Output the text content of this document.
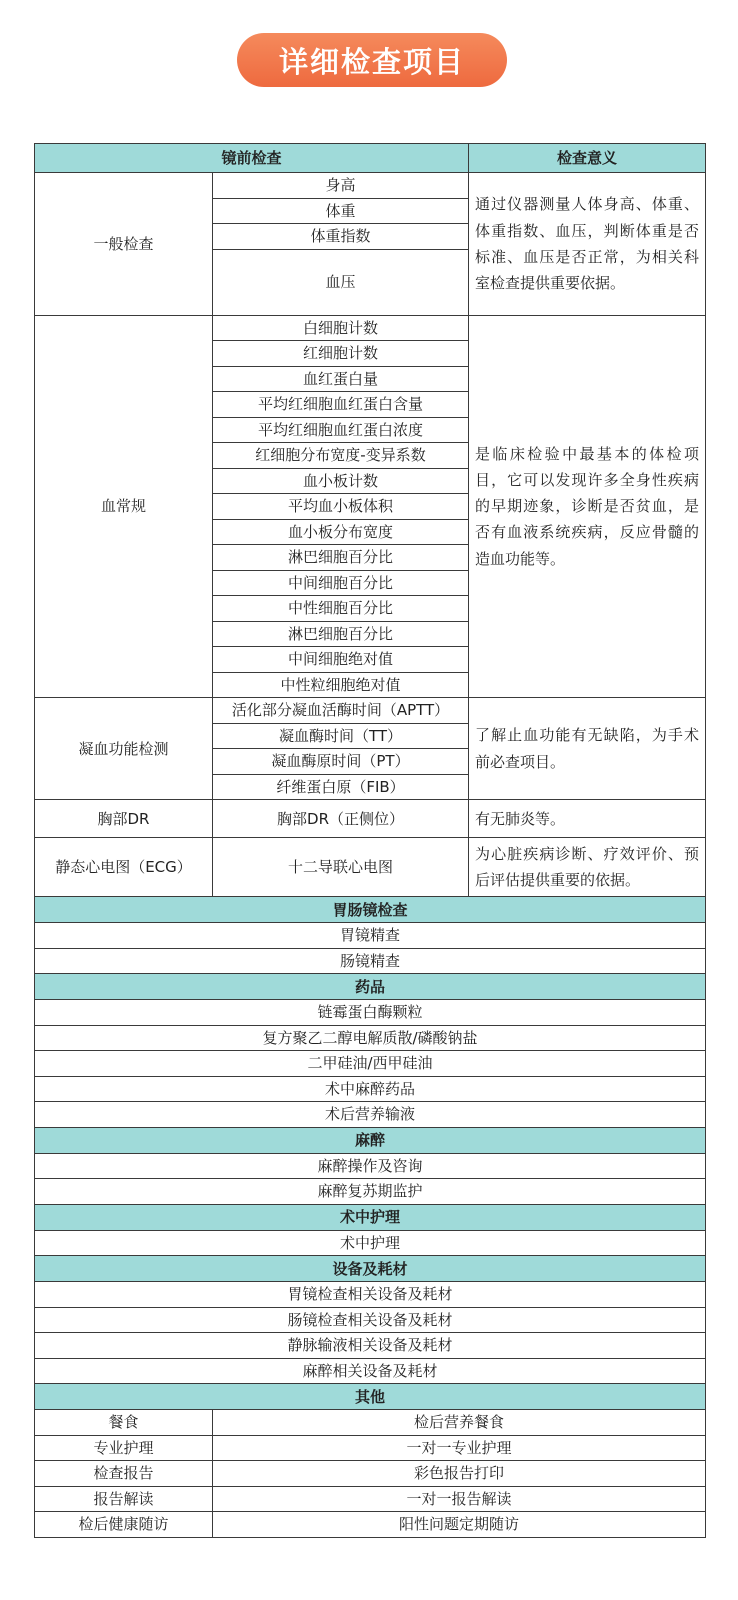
详细检查项目
镜前检查		检查意义
一般检查	身高	通过仪器测量人体身高、体重、体重指数、血压，判断体重是否标准、血压是否正常，为相关科室检查提供重要依据。
	体重	
	体重指数	
	血压	
血常规	白细胞计数	是临床检验中最基本的体检项目，它可以发现许多全身性疾病的早期迹象，诊断是否贫血，是否有血液系统疾病，反应骨髓的造血功能等。
	红细胞计数	
	血红蛋白量	
	平均红细胞血红蛋白含量	
	平均红细胞血红蛋白浓度	
	红细胞分布宽度-变异系数	
	血小板计数	
	平均血小板体积	
	血小板分布宽度	
	淋巴细胞百分比	
	中间细胞百分比	
	中性细胞百分比	
	淋巴细胞百分比	
	中间细胞绝对值	
	中性粒细胞绝对值	
凝血功能检测	活化部分凝血活酶时间（APTT）	了解止血功能有无缺陷，为手术前必查项目。
	凝血酶时间（TT）	
	凝血酶原时间（PT）	
	纤维蛋白原（FIB）	
胸部DR	胸部DR（正侧位）	有无肺炎等。
静态心电图（ECG）	十二导联心电图	为心脏疾病诊断、疗效评价、预后评估提供重要的依据。
胃肠镜检查		
胃镜精查		
肠镜精查		
药品		
链霉蛋白酶颗粒		
复方聚乙二醇电解质散/磷酸钠盐		
二甲硅油/西甲硅油		
术中麻醉药品		
术后营养输液		
麻醉		
麻醉操作及咨询		
麻醉复苏期监护		
术中护理		
术中护理		
设备及耗材		
胃镜检查相关设备及耗材		
肠镜检查相关设备及耗材		
静脉输液相关设备及耗材		
麻醉相关设备及耗材		
其他		
餐食	检后营养餐食	
专业护理	一对一专业护理	
检查报告	彩色报告打印	
报告解读	一对一报告解读	
检后健康随访	阳性问题定期随访	
